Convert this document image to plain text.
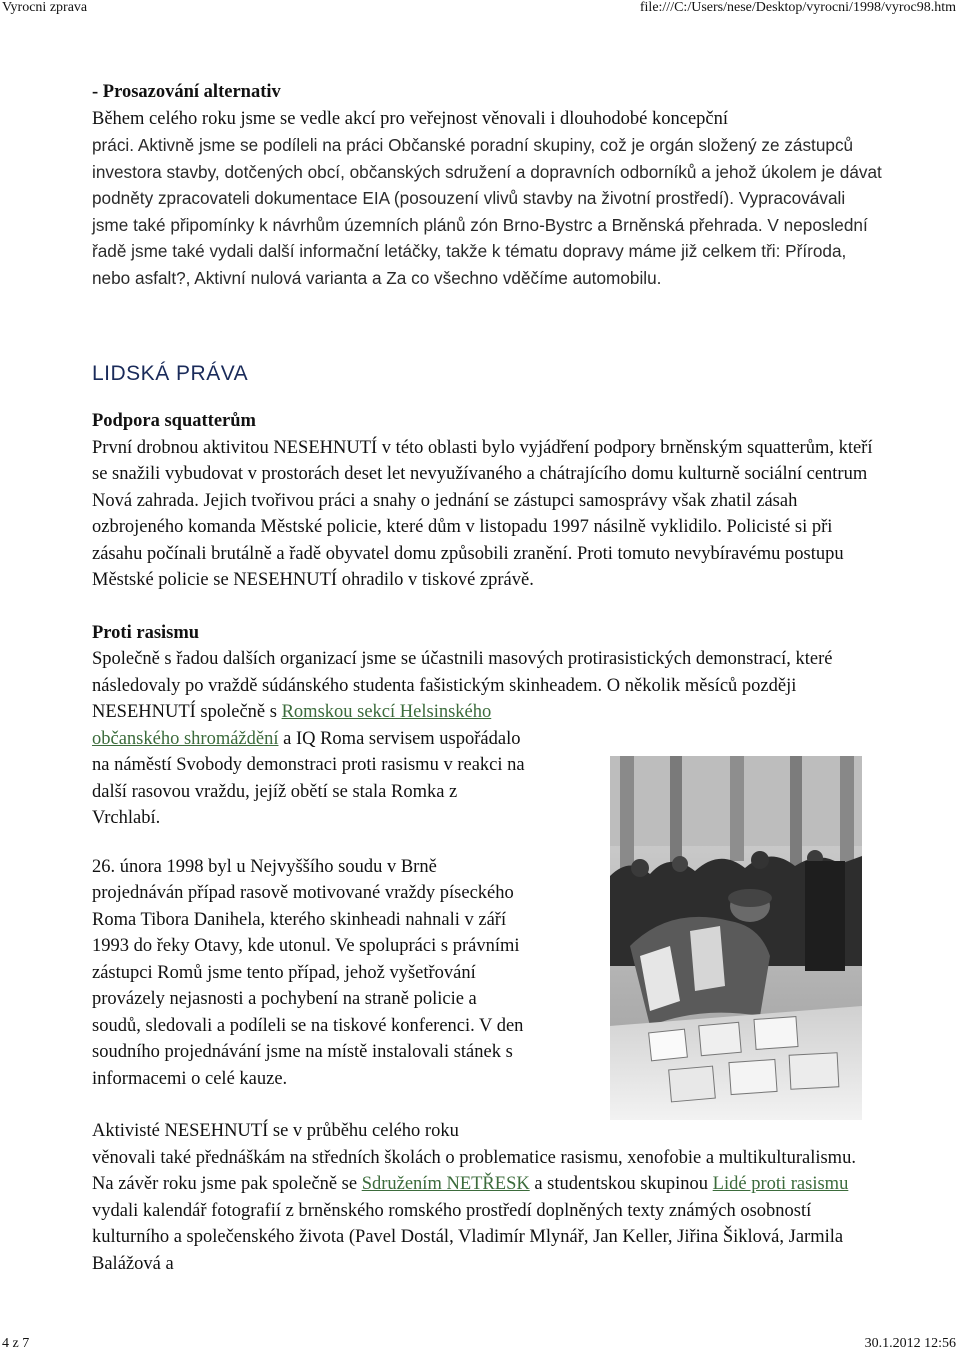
Vyrocni zprava	file:///C:/Users/nese/Desktop/vyrocni/1998/vyroc98.htm

- Prosazování alternativ

Během celého roku jsme se vedle akcí pro veřejnost věnovali i dlouhodobé koncepční

práci. Aktivně jsme se podíleli na práci Občanské poradní skupiny, což je orgán složený ze zástupců investora stavby, dotčených obcí, občanských sdružení a dopravních odborníků a jehož úkolem je dávat podněty zpracovateli dokumentace EIA (posouzení vlivů stavby na životní prostředí). Vypracovávali jsme také připomínky k návrhům územních plánů zón Brno-Bystrc a Brněnská přehrada. V neposlední řadě jsme také vydali další informační letáčky, takže k tématu dopravy máme již celkem tři: Příroda, nebo asfalt?, Aktivní nulová varianta a Za co všechno vděčíme automobilu.

LIDSKÁ PRÁVA

Podpora squatterům

První drobnou aktivitou NESEHNUTÍ v této oblasti bylo vyjádření podpory brněnským squatterům, kteří se snažili vybudovat v prostorách deset let nevyužívaného a chátrajícího domu kulturně sociální centrum Nová zahrada. Jejich tvořivou práci a snahy o jednání se zástupci samosprávy však zhatil zásah ozbrojeného komanda Městské policie, které dům v listopadu 1997 násilně vyklidilo. Policisté si při zásahu počínali brutálně a řadě obyvatel domu způsobili zranění. Proti tomuto nevybíravému postupu Městské policie se NESEHNUTÍ ohradilo v tiskové zprávě.

Proti rasismu

Společně s řadou dalších organizací jsme se účastnili masových protirasistických demonstrací, které následovaly po vraždě súdánského studenta fašistickým skinheadem. O několik měsíců později NESEHNUTÍ společně s Romskou sekcí Helsinského
občanského shromáždění a IQ Roma servisem uspořádalo
na náměstí Svobody demonstraci proti rasismu v reakci na
další rasovou vraždu, jejíž obětí se stala Romka z
Vrchlabí.

26. února 1998 byl u Nejvyššího soudu v Brně

projednáván případ rasově motivované vraždy píseckého

Roma Tibora Danihela, kterého skinheadi nahnali v září

1993 do řeky Otavy, kde utonul. Ve spolupráci s právními

zástupci Romů jsme tento případ, jehož vyšetřování

provázely nejasnosti a pochybení na straně policie a

soudů, sledovali a podíleli se na tiskové konferenci. V den

soudního projednávání jsme na místě instalovali stánek s

informacemi o celé kauze.

Aktivisté NESEHNUTÍ se v průběhu celého roku

věnovali také přednáškám na středních školách o problematice rasismu, xenofobie a multikulturalismu. Na závěr roku jsme pak společně se Sdružením NETŘESK a studentskou skupinou Lidé proti rasismu vydali kalendář fotografií z brněnského romského prostředí doplněných texty známých osobností kulturního a společenského života (Pavel Dostál, Vladimír Mlynář, Jan Keller, Jiřina Šiklová, Jarmila Balážová a

4 z 7	30.1.2012 12:56
